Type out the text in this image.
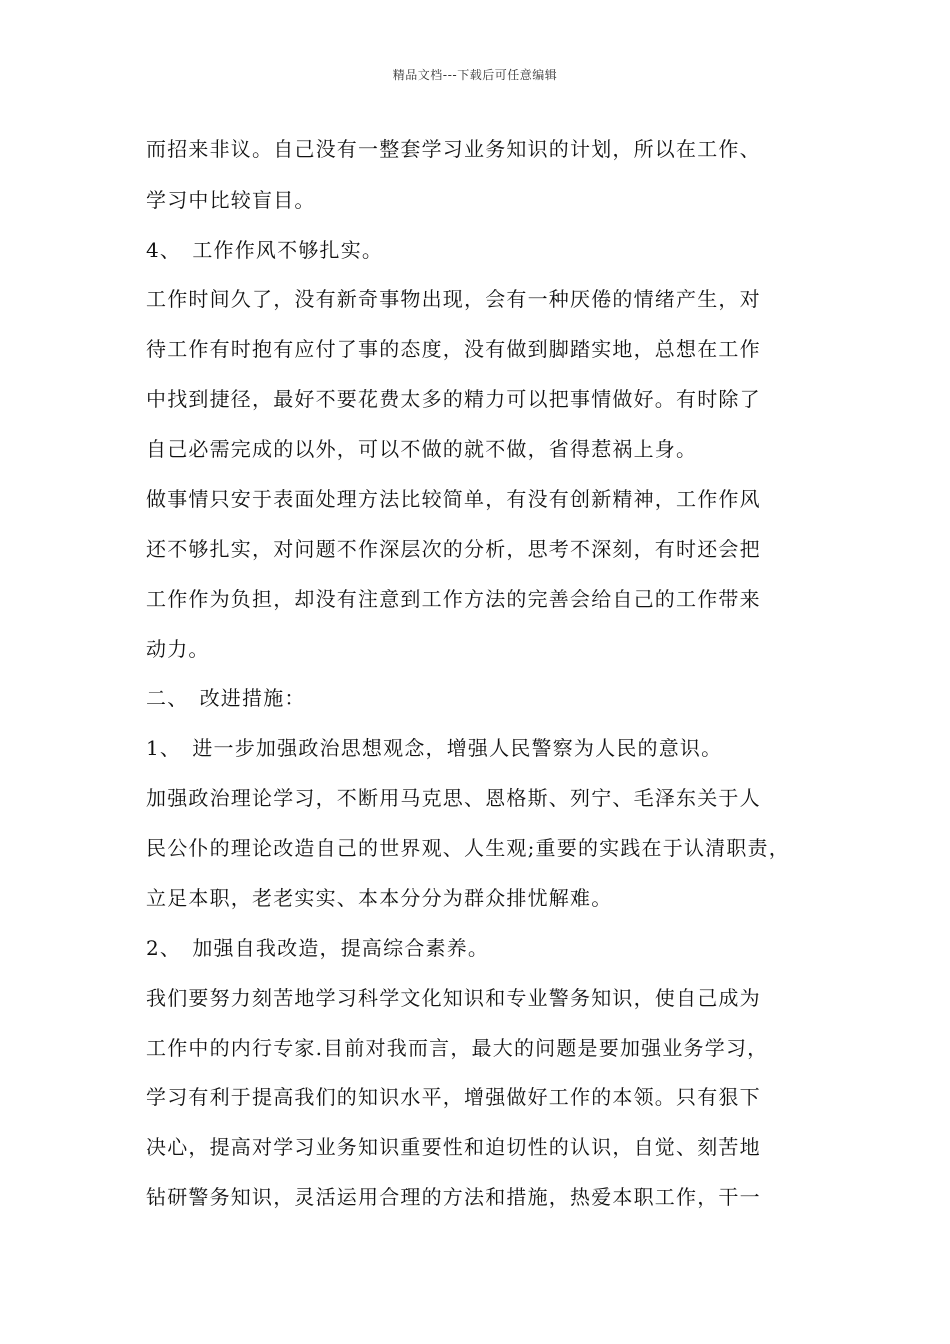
精品文档---下载后可任意编辑
而招来非议。自己没有一整套学习业务知识的计划，所以在工作、
学习中比较盲目。
4、　工作作风不够扎实。
工作时间久了，没有新奇事物出现，会有一种厌倦的情绪产生，对
待工作有时抱有应付了事的态度，没有做到脚踏实地，总想在工作
中找到捷径，最好不要花费太多的精力可以把事情做好。有时除了
自己必需完成的以外，可以不做的就不做，省得惹祸上身。
做事情只安于表面处理方法比较简单，有没有创新精神，工作作风
还不够扎实，对问题不作深层次的分析，思考不深刻，有时还会把
工作作为负担，却没有注意到工作方法的完善会给自己的工作带来
动力。
二、　改进措施：
1、　进一步加强政治思想观念，增强人民警察为人民的意识。
加强政治理论学习，不断用马克思、恩格斯、列宁、毛泽东关于人
民公仆的理论改造自己的世界观、人生观;重要的实践在于认清职责，
立足本职，老老实实、本本分分为群众排忧解难。
2、　加强自我改造，提高综合素养。
我们要努力刻苦地学习科学文化知识和专业警务知识，使自己成为
工作中的内行专家.目前对我而言，最大的问题是要加强业务学习，
学习有利于提高我们的知识水平，增强做好工作的本领。只有狠下
决心，提高对学习业务知识重要性和迫切性的认识，自觉、刻苦地
钻研警务知识，灵活运用合理的方法和措施，热爱本职工作，干一
